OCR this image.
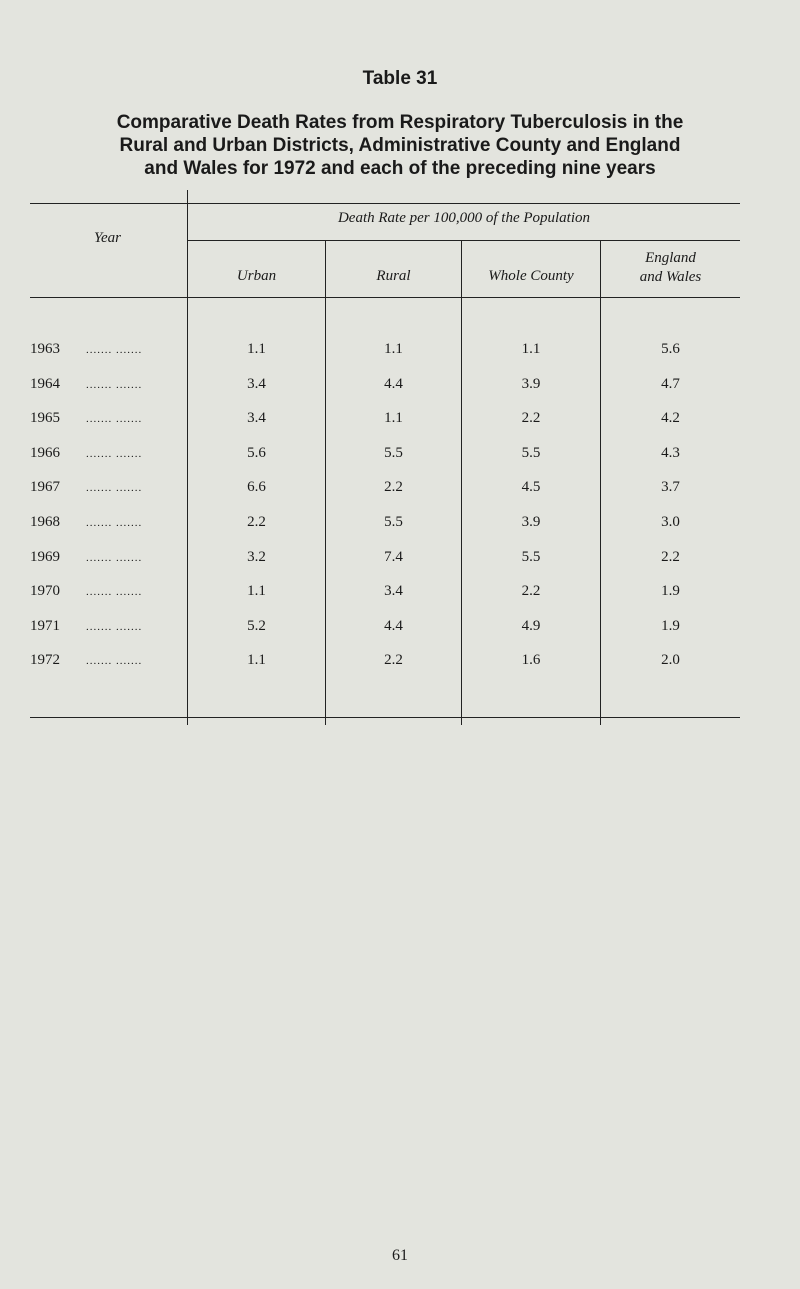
Table 31
Comparative Death Rates from Respiratory Tuberculosis in the
Rural and Urban Districts, Administrative County and England
and Wales for 1972 and each of the preceding nine years
Year
Death Rate per 100,000 of the Population
Urban	Rural	Whole County
England
and Wales
1963 ....... .......	1.1	1.1	1.1	5.6
1964 ....... .......	3.4	4.4	3.9	4.7
1965 ....... .......	3.4	1.1	2.2	4.2
1966 ....... .......	5.6	5.5	5.5	4.3
1967 ....... .......	6.6	2.2	4.5	3.7
1968 ....... .......	2.2	5.5	3.9	3.0
1969 ....... .......	3.2	7.4	5.5	2.2
1970 ....... .......	1.1	3.4	2.2	1.9
1971 ....... .......	5.2	4.4	4.9	1.9
1972 ....... .......	1.1	2.2	1.6	2.0
61
